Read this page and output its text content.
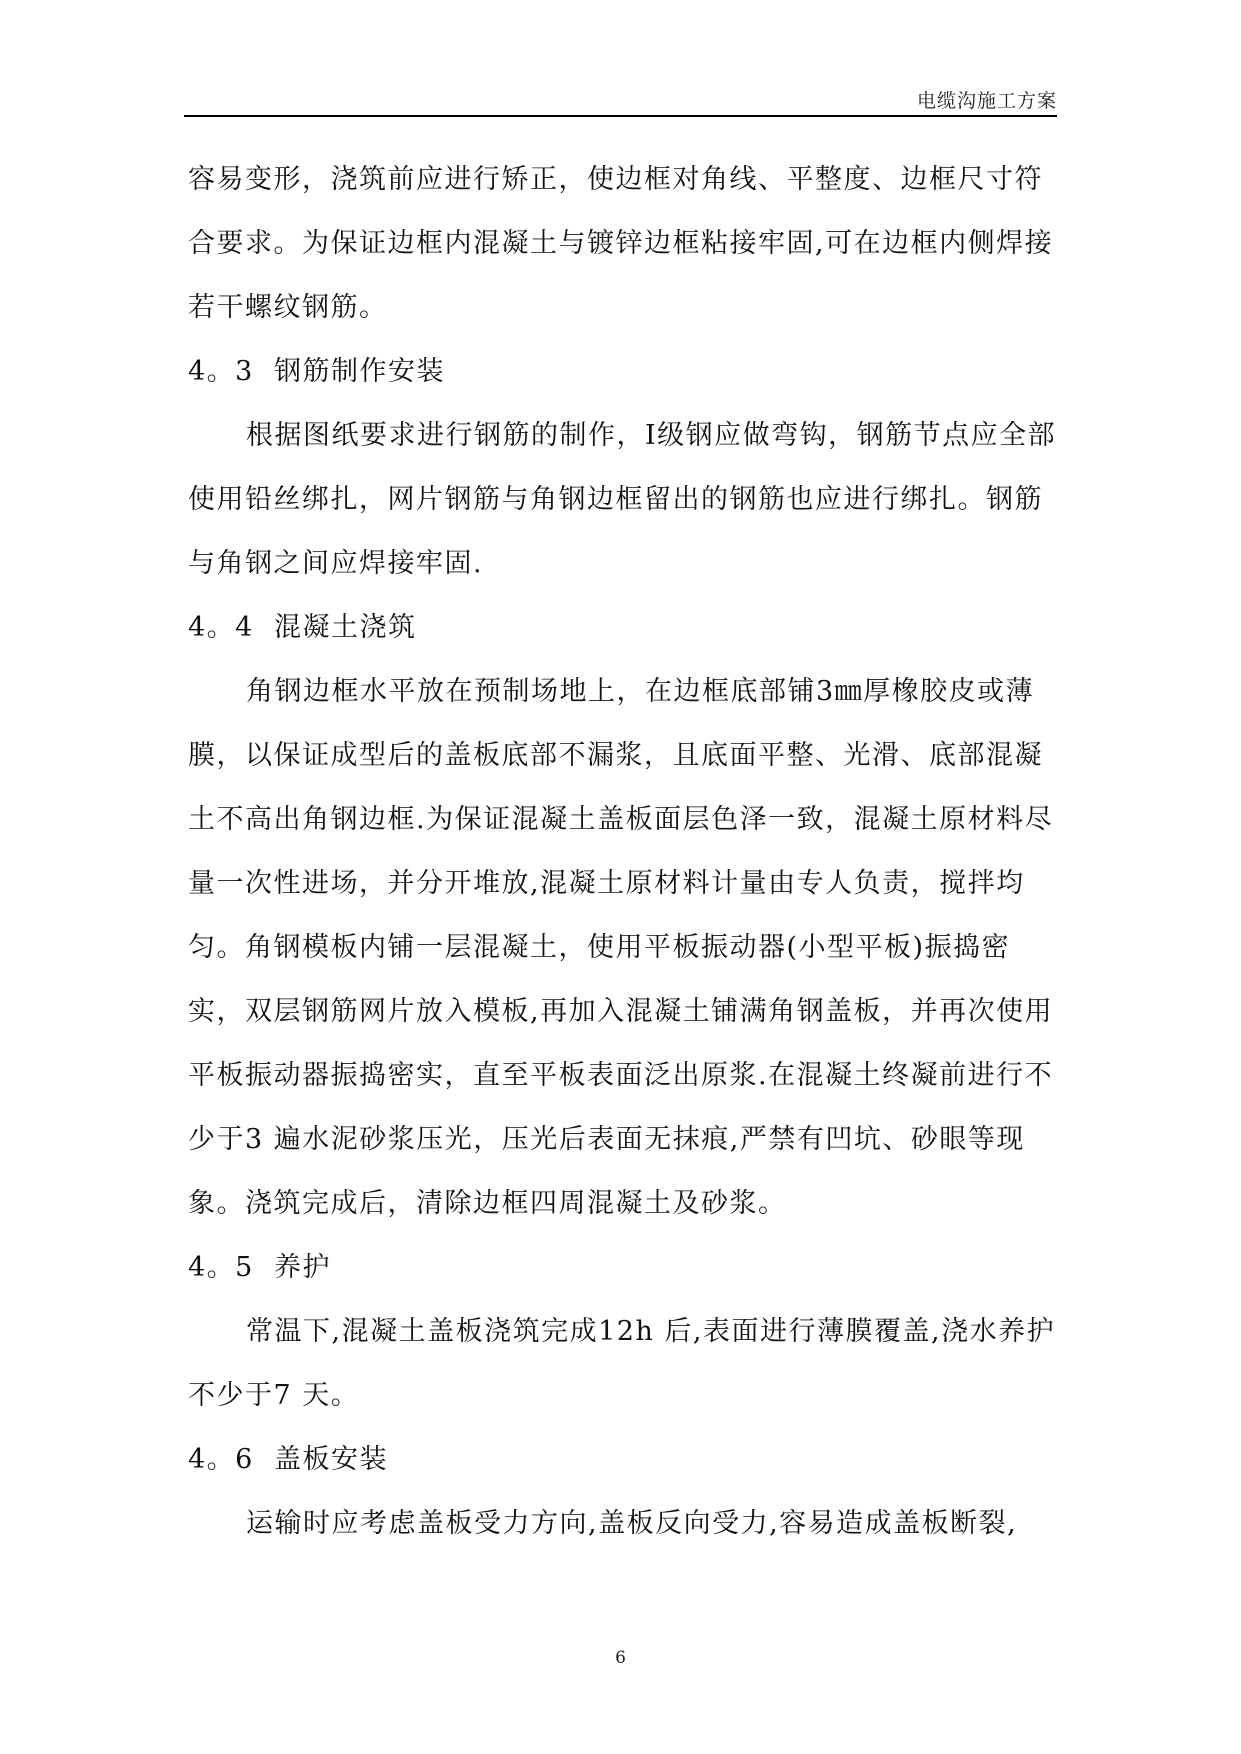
电缆沟施工方案

容易变形，浇筑前应进行矫正，使边框对角线、平整度、边框尺寸符合要求。为保证边框内混凝土与镀锌边框粘接牢固,可在边框内侧焊接若干螺纹钢筋。

4。3 钢筋制作安装

根据图纸要求进行钢筋的制作，Ⅰ级钢应做弯钩，钢筋节点应全部使用铅丝绑扎，网片钢筋与角钢边框留出的钢筋也应进行绑扎。钢筋与角钢之间应焊接牢固.

4。4 混凝土浇筑

角钢边框水平放在预制场地上，在边框底部铺3㎜厚橡胶皮或薄膜，以保证成型后的盖板底部不漏浆，且底面平整、光滑、底部混凝土不高出角钢边框.为保证混凝土盖板面层色泽一致，混凝土原材料尽量一次性进场，并分开堆放,混凝土原材料计量由专人负责，搅拌均匀。角钢模板内铺一层混凝土，使用平板振动器(小型平板)振捣密实，双层钢筋网片放入模板,再加入混凝土铺满角钢盖板，并再次使用平板振动器振捣密实，直至平板表面泛出原浆.在混凝土终凝前进行不少于3 遍水泥砂浆压光，压光后表面无抹痕,严禁有凹坑、砂眼等现象。浇筑完成后，清除边框四周混凝土及砂浆。

4。5 养护

常温下,混凝土盖板浇筑完成12h 后,表面进行薄膜覆盖,浇水养护不少于7 天。

4。6 盖板安装

运输时应考虑盖板受力方向,盖板反向受力,容易造成盖板断裂,

6
